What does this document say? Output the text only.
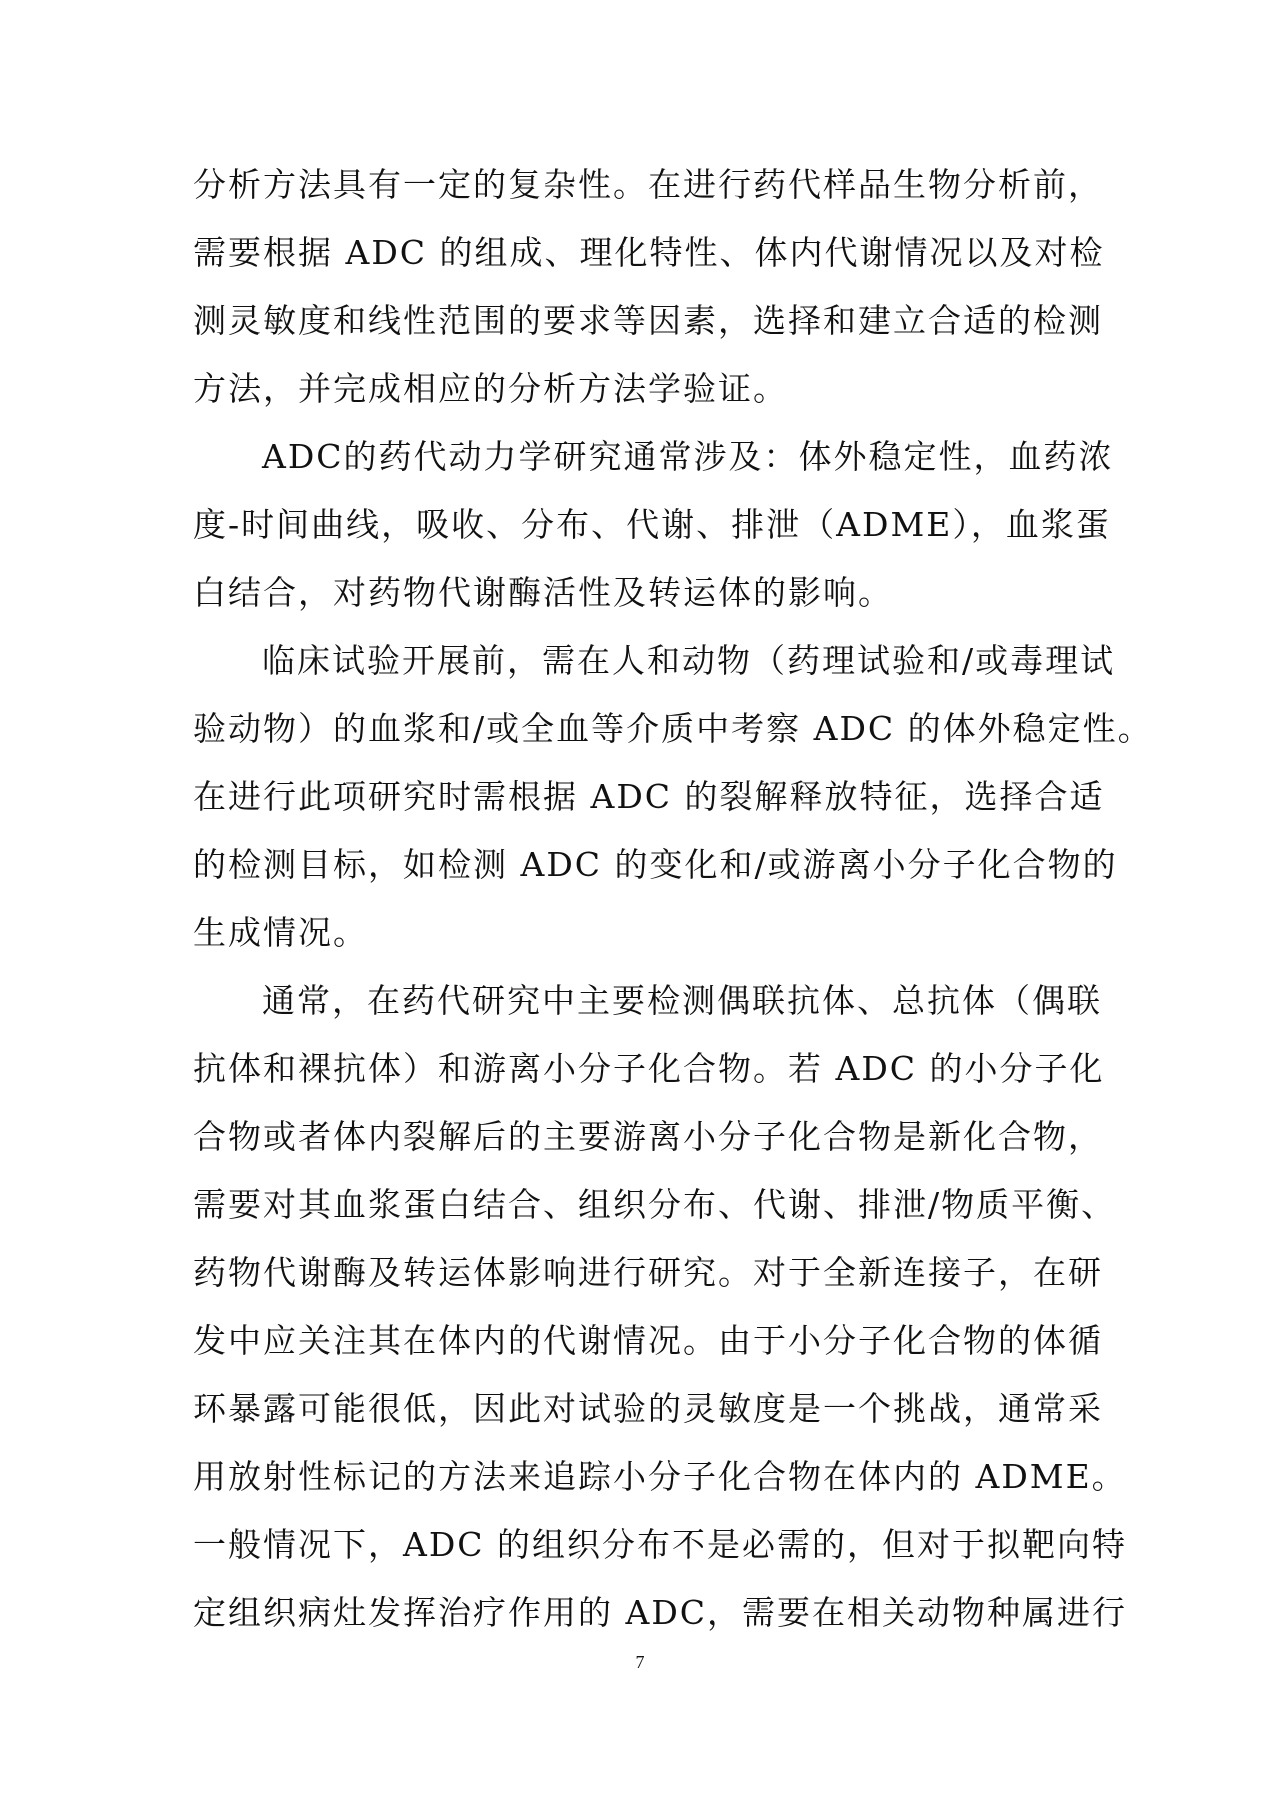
分析方法具有一定的复杂性。在进行药代样品生物分析前，
需要根据 ADC 的组成、理化特性、体内代谢情况以及对检
测灵敏度和线性范围的要求等因素，选择和建立合适的检测
方法，并完成相应的分析方法学验证。
ADC的药代动力学研究通常涉及：体外稳定性，血药浓
度-时间曲线，吸收、分布、代谢、排泄（ADME），血浆蛋
白结合，对药物代谢酶活性及转运体的影响。
临床试验开展前，需在人和动物（药理试验和/或毒理试
验动物）的血浆和/或全血等介质中考察 ADC 的体外稳定性。
在进行此项研究时需根据 ADC 的裂解释放特征，选择合适
的检测目标，如检测 ADC 的变化和/或游离小分子化合物的
生成情况。
通常，在药代研究中主要检测偶联抗体、总抗体（偶联
抗体和裸抗体）和游离小分子化合物。若 ADC 的小分子化
合物或者体内裂解后的主要游离小分子化合物是新化合物，
需要对其血浆蛋白结合、组织分布、代谢、排泄/物质平衡、
药物代谢酶及转运体影响进行研究。对于全新连接子，在研
发中应关注其在体内的代谢情况。由于小分子化合物的体循
环暴露可能很低，因此对试验的灵敏度是一个挑战，通常采
用放射性标记的方法来追踪小分子化合物在体内的 ADME。
一般情况下，ADC 的组织分布不是必需的，但对于拟靶向特
定组织病灶发挥治疗作用的 ADC，需要在相关动物种属进行
7
